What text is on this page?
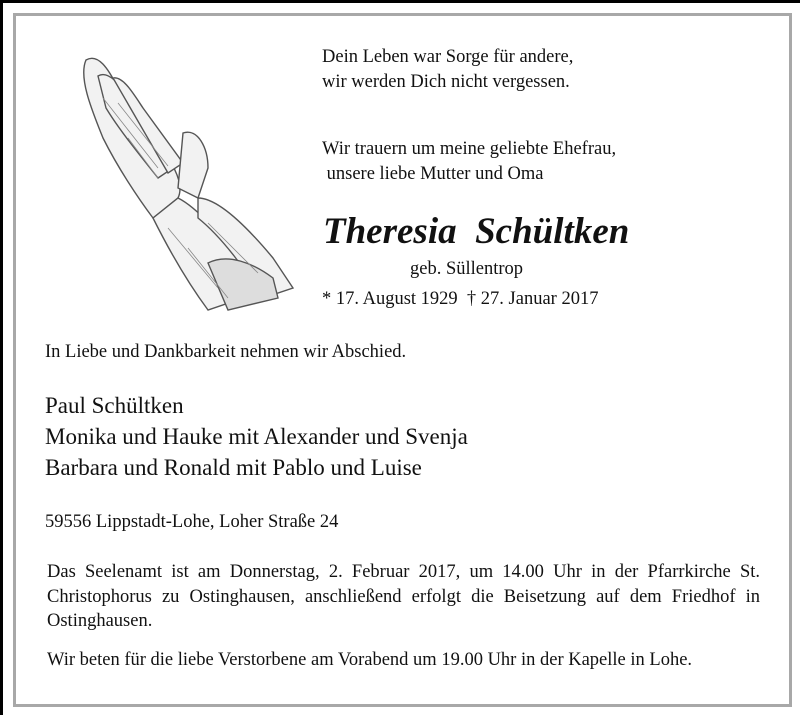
Dein Leben war Sorge für andere,
wir werden Dich nicht vergessen.
Wir trauern um meine geliebte Ehefrau,
unsere liebe Mutter und Oma
Theresia  Schültken
geb. Süllentrop
* 17. August 1929  † 27. Januar 2017
In Liebe und Dankbarkeit nehmen wir Abschied.
Paul Schültken
Monika und Hauke mit Alexander und Svenja
Barbara und Ronald mit Pablo und Luise
59556 Lippstadt-Lohe, Loher Straße 24
Das Seelenamt ist am Donnerstag, 2. Februar 2017, um 14.00 Uhr in der Pfarrkirche St. Christophorus zu Ostinghausen, anschließend erfolgt die Beisetzung auf dem Friedhof in Ostinghausen.
Wir beten für die liebe Verstorbene am Vorabend um 19.00 Uhr in der Kapelle in Lohe.
